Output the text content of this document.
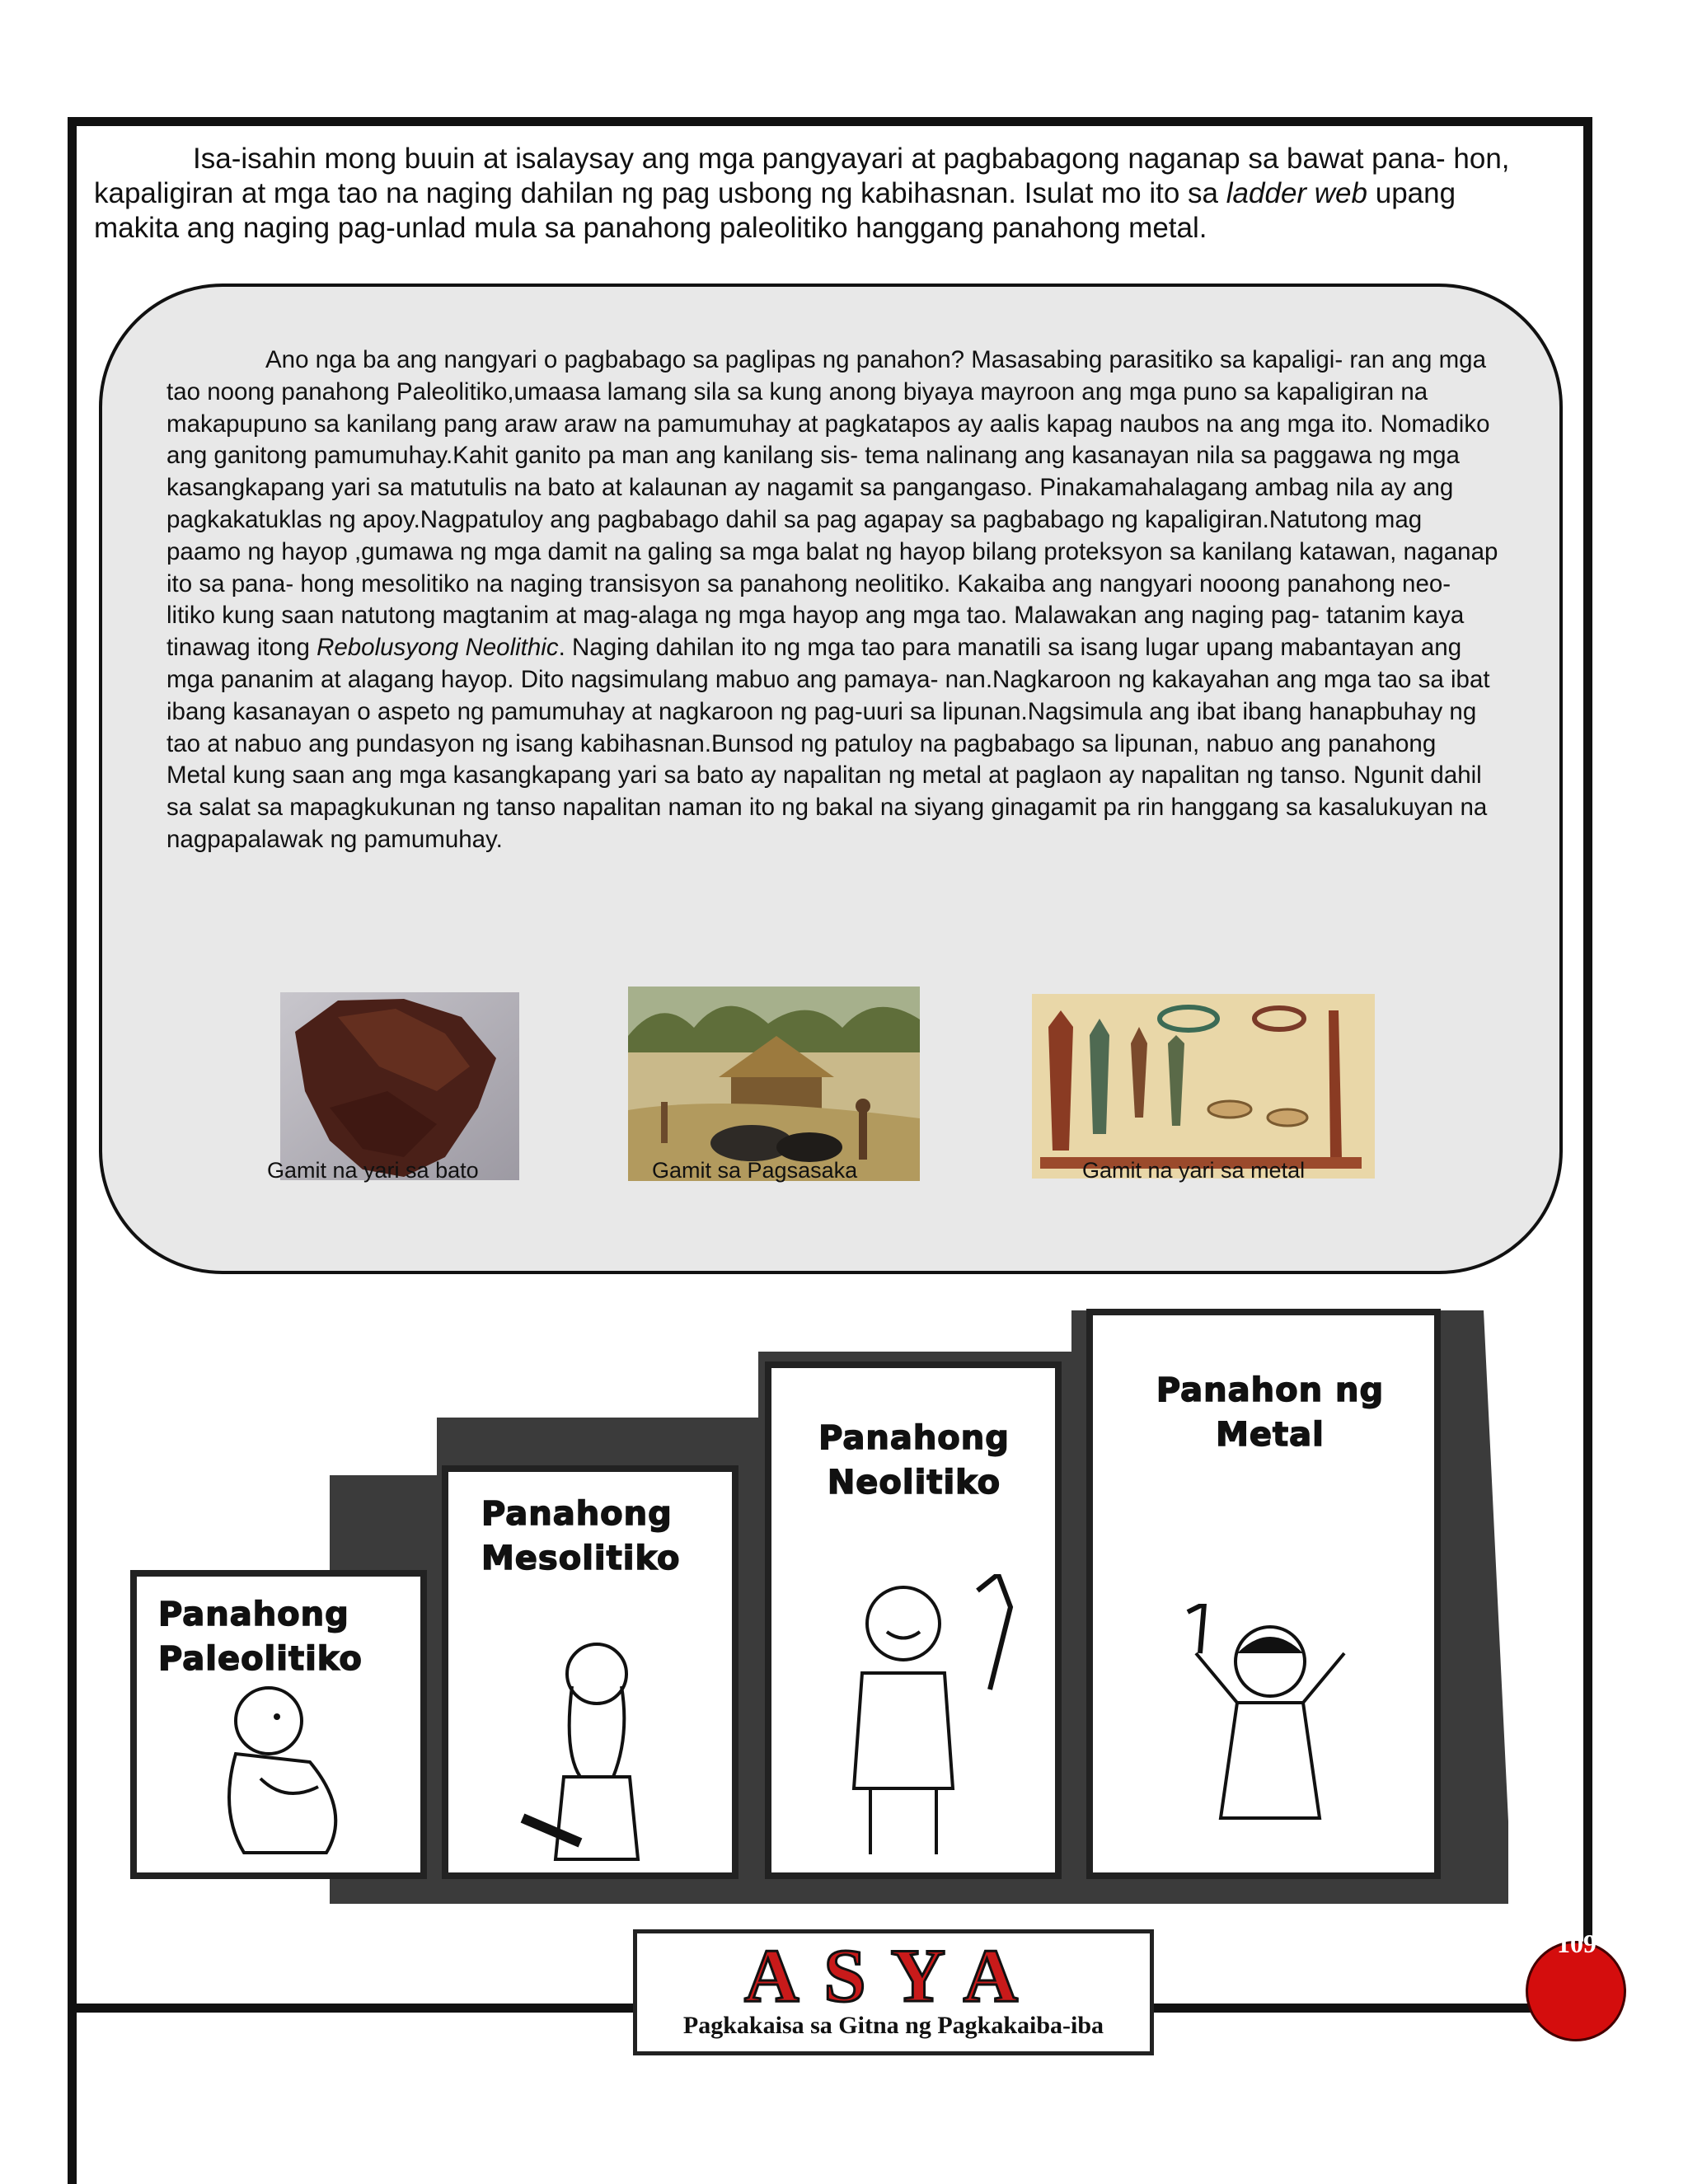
Isa-isahin mong buuin at isalaysay ang mga pangyayari at pagbabagong naganap sa bawat pana- hon, kapaligiran at mga tao na naging dahilan ng pag usbong ng kabihasnan. Isulat mo ito sa ladder web upang makita ang naging pag-unlad mula sa panahong paleolitiko hanggang panahong metal.

Ano nga ba ang nangyari o pagbabago sa paglipas ng panahon? Masasabing parasitiko sa kapaligi- ran ang mga tao noong panahong Paleolitiko,umaasa lamang sila sa kung anong biyaya mayroon ang mga puno sa kapaligiran na makapupuno sa kanilang pang araw araw na pamumuhay at pagkatapos ay aalis kapag naubos na ang mga ito. Nomadiko ang ganitong pamumuhay.Kahit ganito pa man ang kanilang sis- tema nalinang ang kasanayan nila sa paggawa ng mga kasangkapang yari sa matutulis na bato at kalaunan ay nagamit sa pangangaso. Pinakamahalagang ambag nila ay ang pagkakatuklas ng apoy.Nagpatuloy ang pagbabago dahil sa pag agapay sa pagbabago ng kapaligiran.Natutong mag paamo ng hayop ,gumawa ng mga damit na galing sa mga balat ng hayop bilang proteksyon sa kanilang katawan, naganap ito sa pana- hong mesolitiko na naging transisyon sa panahong neolitiko. Kakaiba ang nangyari nooong panahong neo- litiko kung saan natutong magtanim at mag-alaga ng mga hayop ang mga tao. Malawakan ang naging pag- tatanim kaya tinawag itong Rebolusyong Neolithic. Naging dahilan ito ng mga tao para manatili sa isang lugar upang mabantayan ang mga pananim at alagang hayop. Dito nagsimulang mabuo ang pamaya- nan.Nagkaroon ng kakayahan ang mga tao sa ibat ibang kasanayan o aspeto ng pamumuhay at nagkaroon ng pag-uuri sa lipunan.Nagsimula ang ibat ibang hanapbuhay ng tao at nabuo ang pundasyon ng isang kabihasnan.Bunsod ng patuloy na pagbabago sa lipunan, nabuo ang panahong Metal kung saan ang mga kasangkapang yari sa bato ay napalitan ng metal at paglaon ay napalitan ng tanso. Ngunit dahil sa salat sa mapagkukunan ng tanso napalitan naman ito ng bakal na siyang ginagamit pa rin hanggang sa kasalukuyan na nagpapalawak ng pamumuhay.

Gamit na yari sa bato	Gamit sa Pagsasaka	Gamit na yari sa metal
Panahong
Paleolitiko
Panahong
Mesolitiko
Panahong
Neolitiko
Panahon ng
Metal
ASYA
Pagkakaisa sa Gitna ng Pagkakaiba-iba
109
